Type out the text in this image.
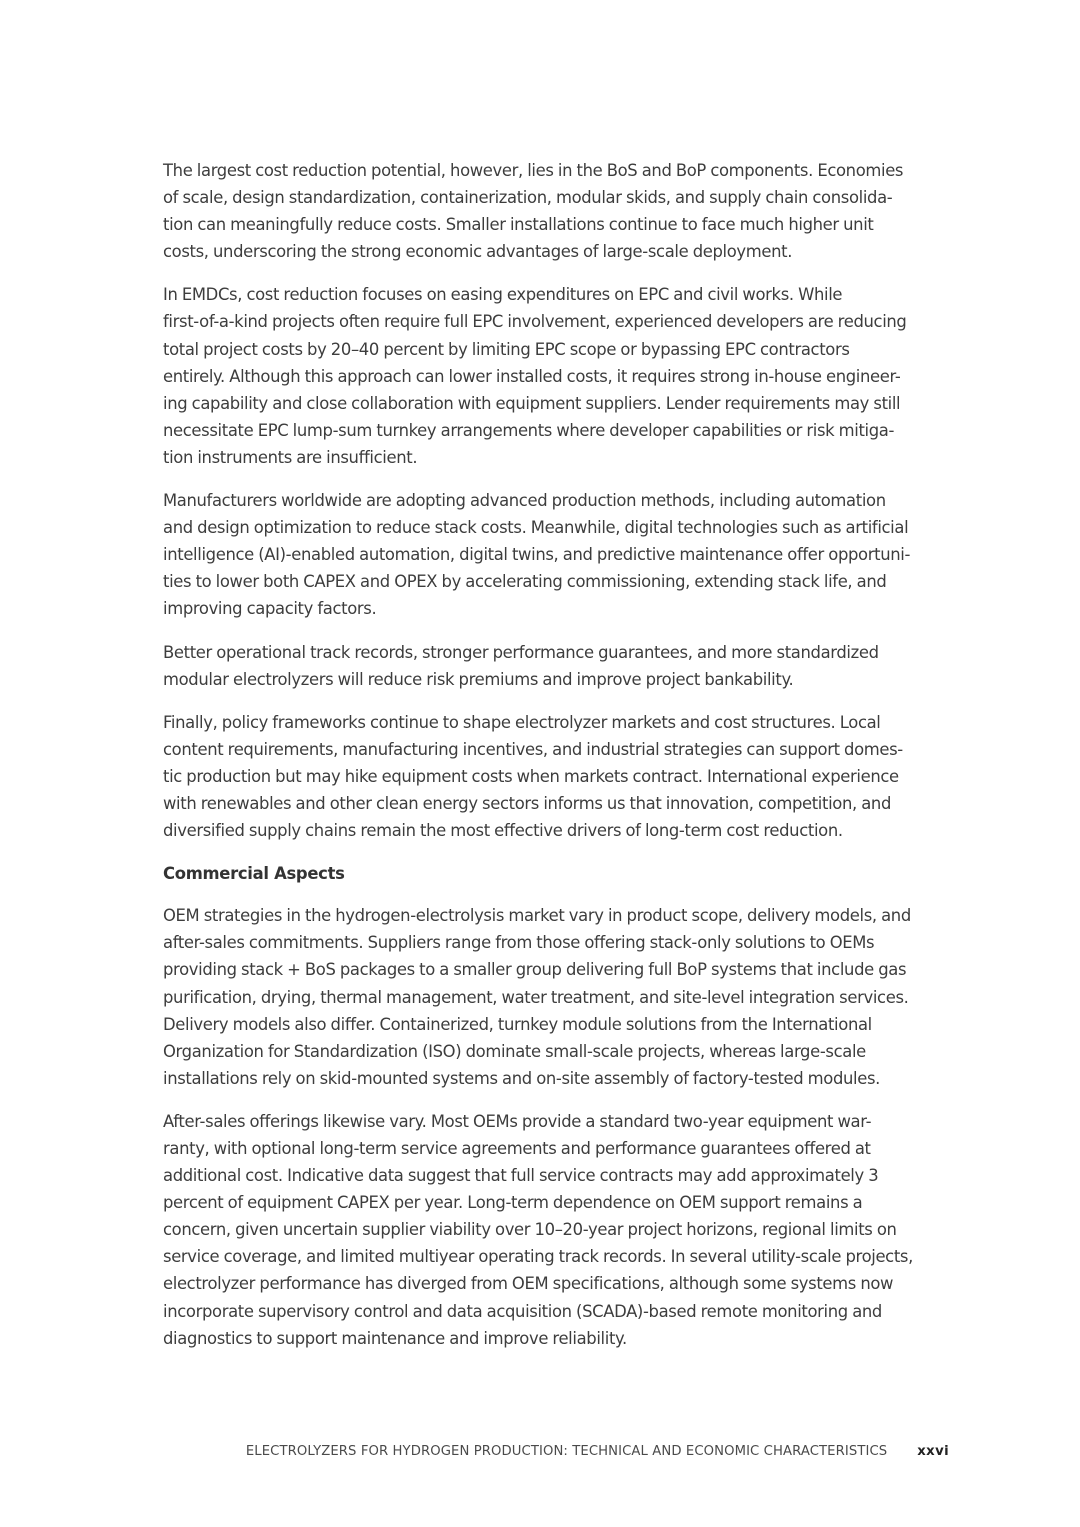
The largest cost reduction potential, however, lies in the BoS and BoP components. Economies
of scale, design standardization, containerization, modular skids, and supply chain consolida-
tion can meaningfully reduce costs. Smaller installations continue to face much higher unit
costs, underscoring the strong economic advantages of large-scale deployment.

In EMDCs, cost reduction focuses on easing expenditures on EPC and civil works. While
first-of-a-kind projects often require full EPC involvement, experienced developers are reducing
total project costs by 20–40 percent by limiting EPC scope or bypassing EPC contractors
entirely. Although this approach can lower installed costs, it requires strong in-house engineer-
ing capability and close collaboration with equipment suppliers. Lender requirements may still
necessitate EPC lump-sum turnkey arrangements where developer capabilities or risk mitiga-
tion instruments are insufficient.

Manufacturers worldwide are adopting advanced production methods, including automation
and design optimization to reduce stack costs. Meanwhile, digital technologies such as artificial
intelligence (AI)-enabled automation, digital twins, and predictive maintenance offer opportuni-
ties to lower both CAPEX and OPEX by accelerating commissioning, extending stack life, and
improving capacity factors.

Better operational track records, stronger performance guarantees, and more standardized
modular electrolyzers will reduce risk premiums and improve project bankability.

Finally, policy frameworks continue to shape electrolyzer markets and cost structures. Local
content requirements, manufacturing incentives, and industrial strategies can support domes-
tic production but may hike equipment costs when markets contract. International experience
with renewables and other clean energy sectors informs us that innovation, competition, and
diversified supply chains remain the most effective drivers of long-term cost reduction.

Commercial Aspects

OEM strategies in the hydrogen-electrolysis market vary in product scope, delivery models, and
after-sales commitments. Suppliers range from those offering stack-only solutions to OEMs
providing stack + BoS packages to a smaller group delivering full BoP systems that include gas
purification, drying, thermal management, water treatment, and site-level integration services.
Delivery models also differ. Containerized, turnkey module solutions from the International
Organization for Standardization (ISO) dominate small-scale projects, whereas large-scale
installations rely on skid-mounted systems and on-site assembly of factory-tested modules.

After-sales offerings likewise vary. Most OEMs provide a standard two-year equipment war-
ranty, with optional long-term service agreements and performance guarantees offered at
additional cost. Indicative data suggest that full service contracts may add approximately 3
percent of equipment CAPEX per year. Long-term dependence on OEM support remains a
concern, given uncertain supplier viability over 10–20-year project horizons, regional limits on
service coverage, and limited multiyear operating track records. In several utility-scale projects,
electrolyzer performance has diverged from OEM specifications, although some systems now
incorporate supervisory control and data acquisition (SCADA)-based remote monitoring and
diagnostics to support maintenance and improve reliability.

ELECTROLYZERS FOR HYDROGEN PRODUCTION: TECHNICAL AND ECONOMIC CHARACTERISTICS xxvi
